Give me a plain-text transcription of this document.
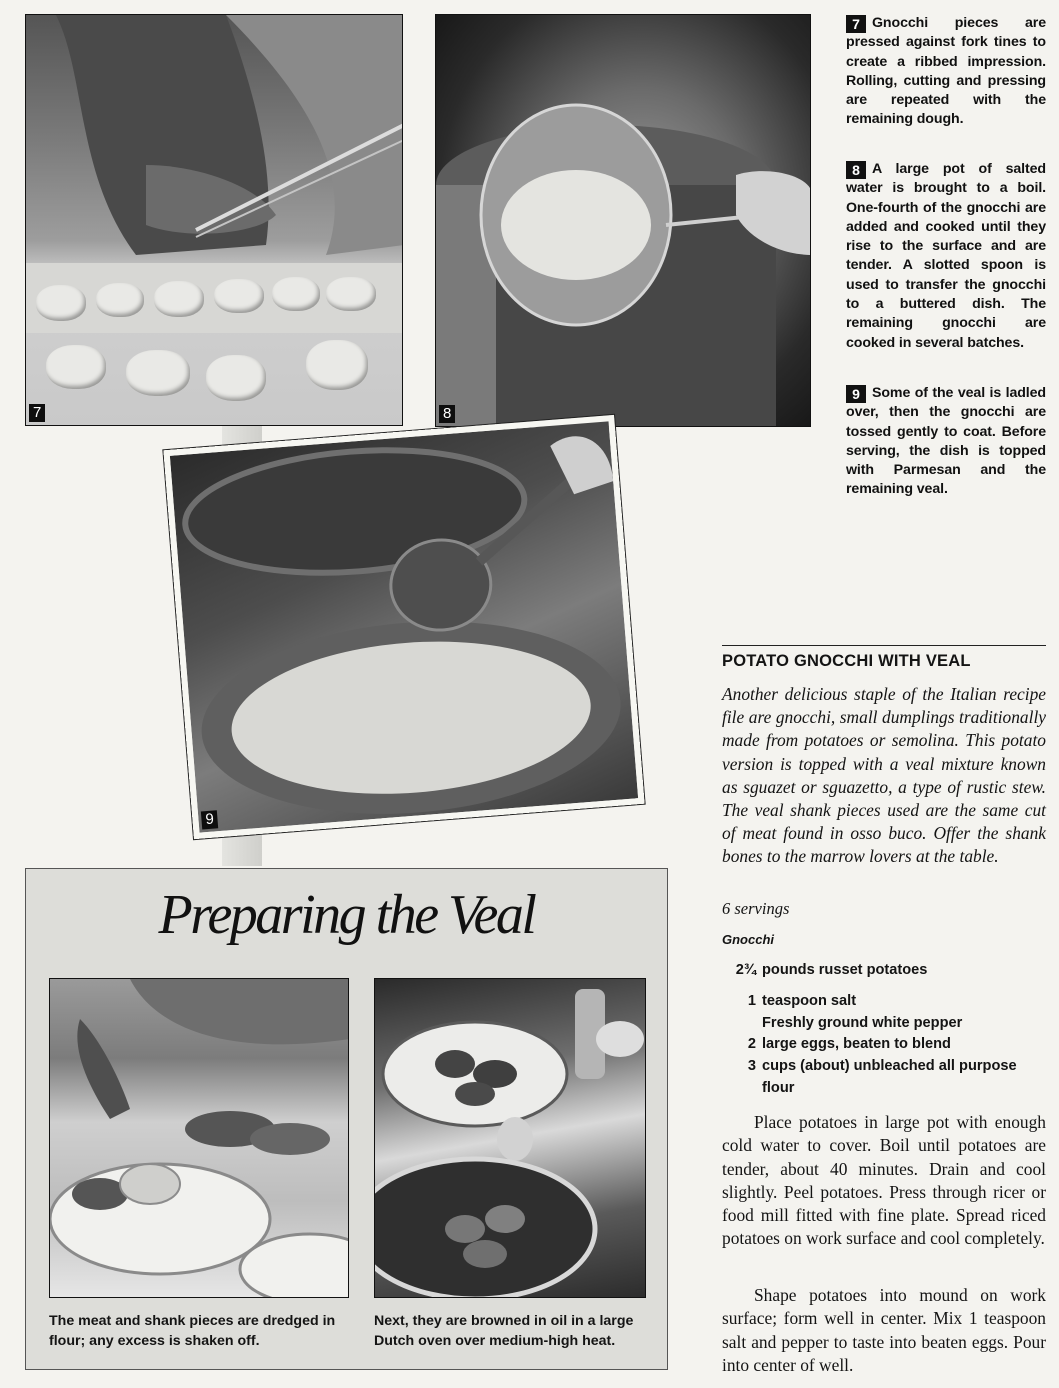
7	8
9
7 Gnocchi pieces are pressed against fork tines to create a ribbed impression. Rolling, cutting and pressing are repeated with the remaining dough.
8 A large pot of salted water is brought to a boil. One-fourth of the gnocchi are added and cooked until they rise to the surface and are tender. A slotted spoon is used to transfer the gnocchi to a buttered dish. The remaining gnocchi are cooked in several batches.
9 Some of the veal is ladled over, then the gnocchi are tossed gently to coat. Before serving, the dish is topped with Parmesan and the remaining veal.
POTATO GNOCCHI WITH VEAL
Another delicious staple of the Italian recipe file are gnocchi, small dumplings traditionally made from potatoes or semolina. This potato version is topped with a veal mixture known as sguazet or sguazetto, a type of rustic stew. The veal shank pieces used are the same cut of meat found in osso buco. Offer the shank bones to the marrow lovers at the table.
6 servings
Gnocchi
2¾ pounds russet potatoes
1 teaspoon salt
Freshly ground white pepper
2 large eggs, beaten to blend
3 cups (about) unbleached all purpose flour
Place potatoes in large pot with enough cold water to cover. Boil until potatoes are tender, about 40 minutes. Drain and cool slightly. Peel potatoes. Press through ricer or food mill fitted with fine plate. Spread riced potatoes on work surface and cool completely.
Shape potatoes into mound on work surface; form well in center. Mix 1 teaspoon salt and pepper to taste into beaten eggs. Pour into center of well.
Preparing the Veal
The meat and shank pieces are dredged in flour; any excess is shaken off.
Next, they are browned in oil in a large Dutch oven over medium-high heat.
